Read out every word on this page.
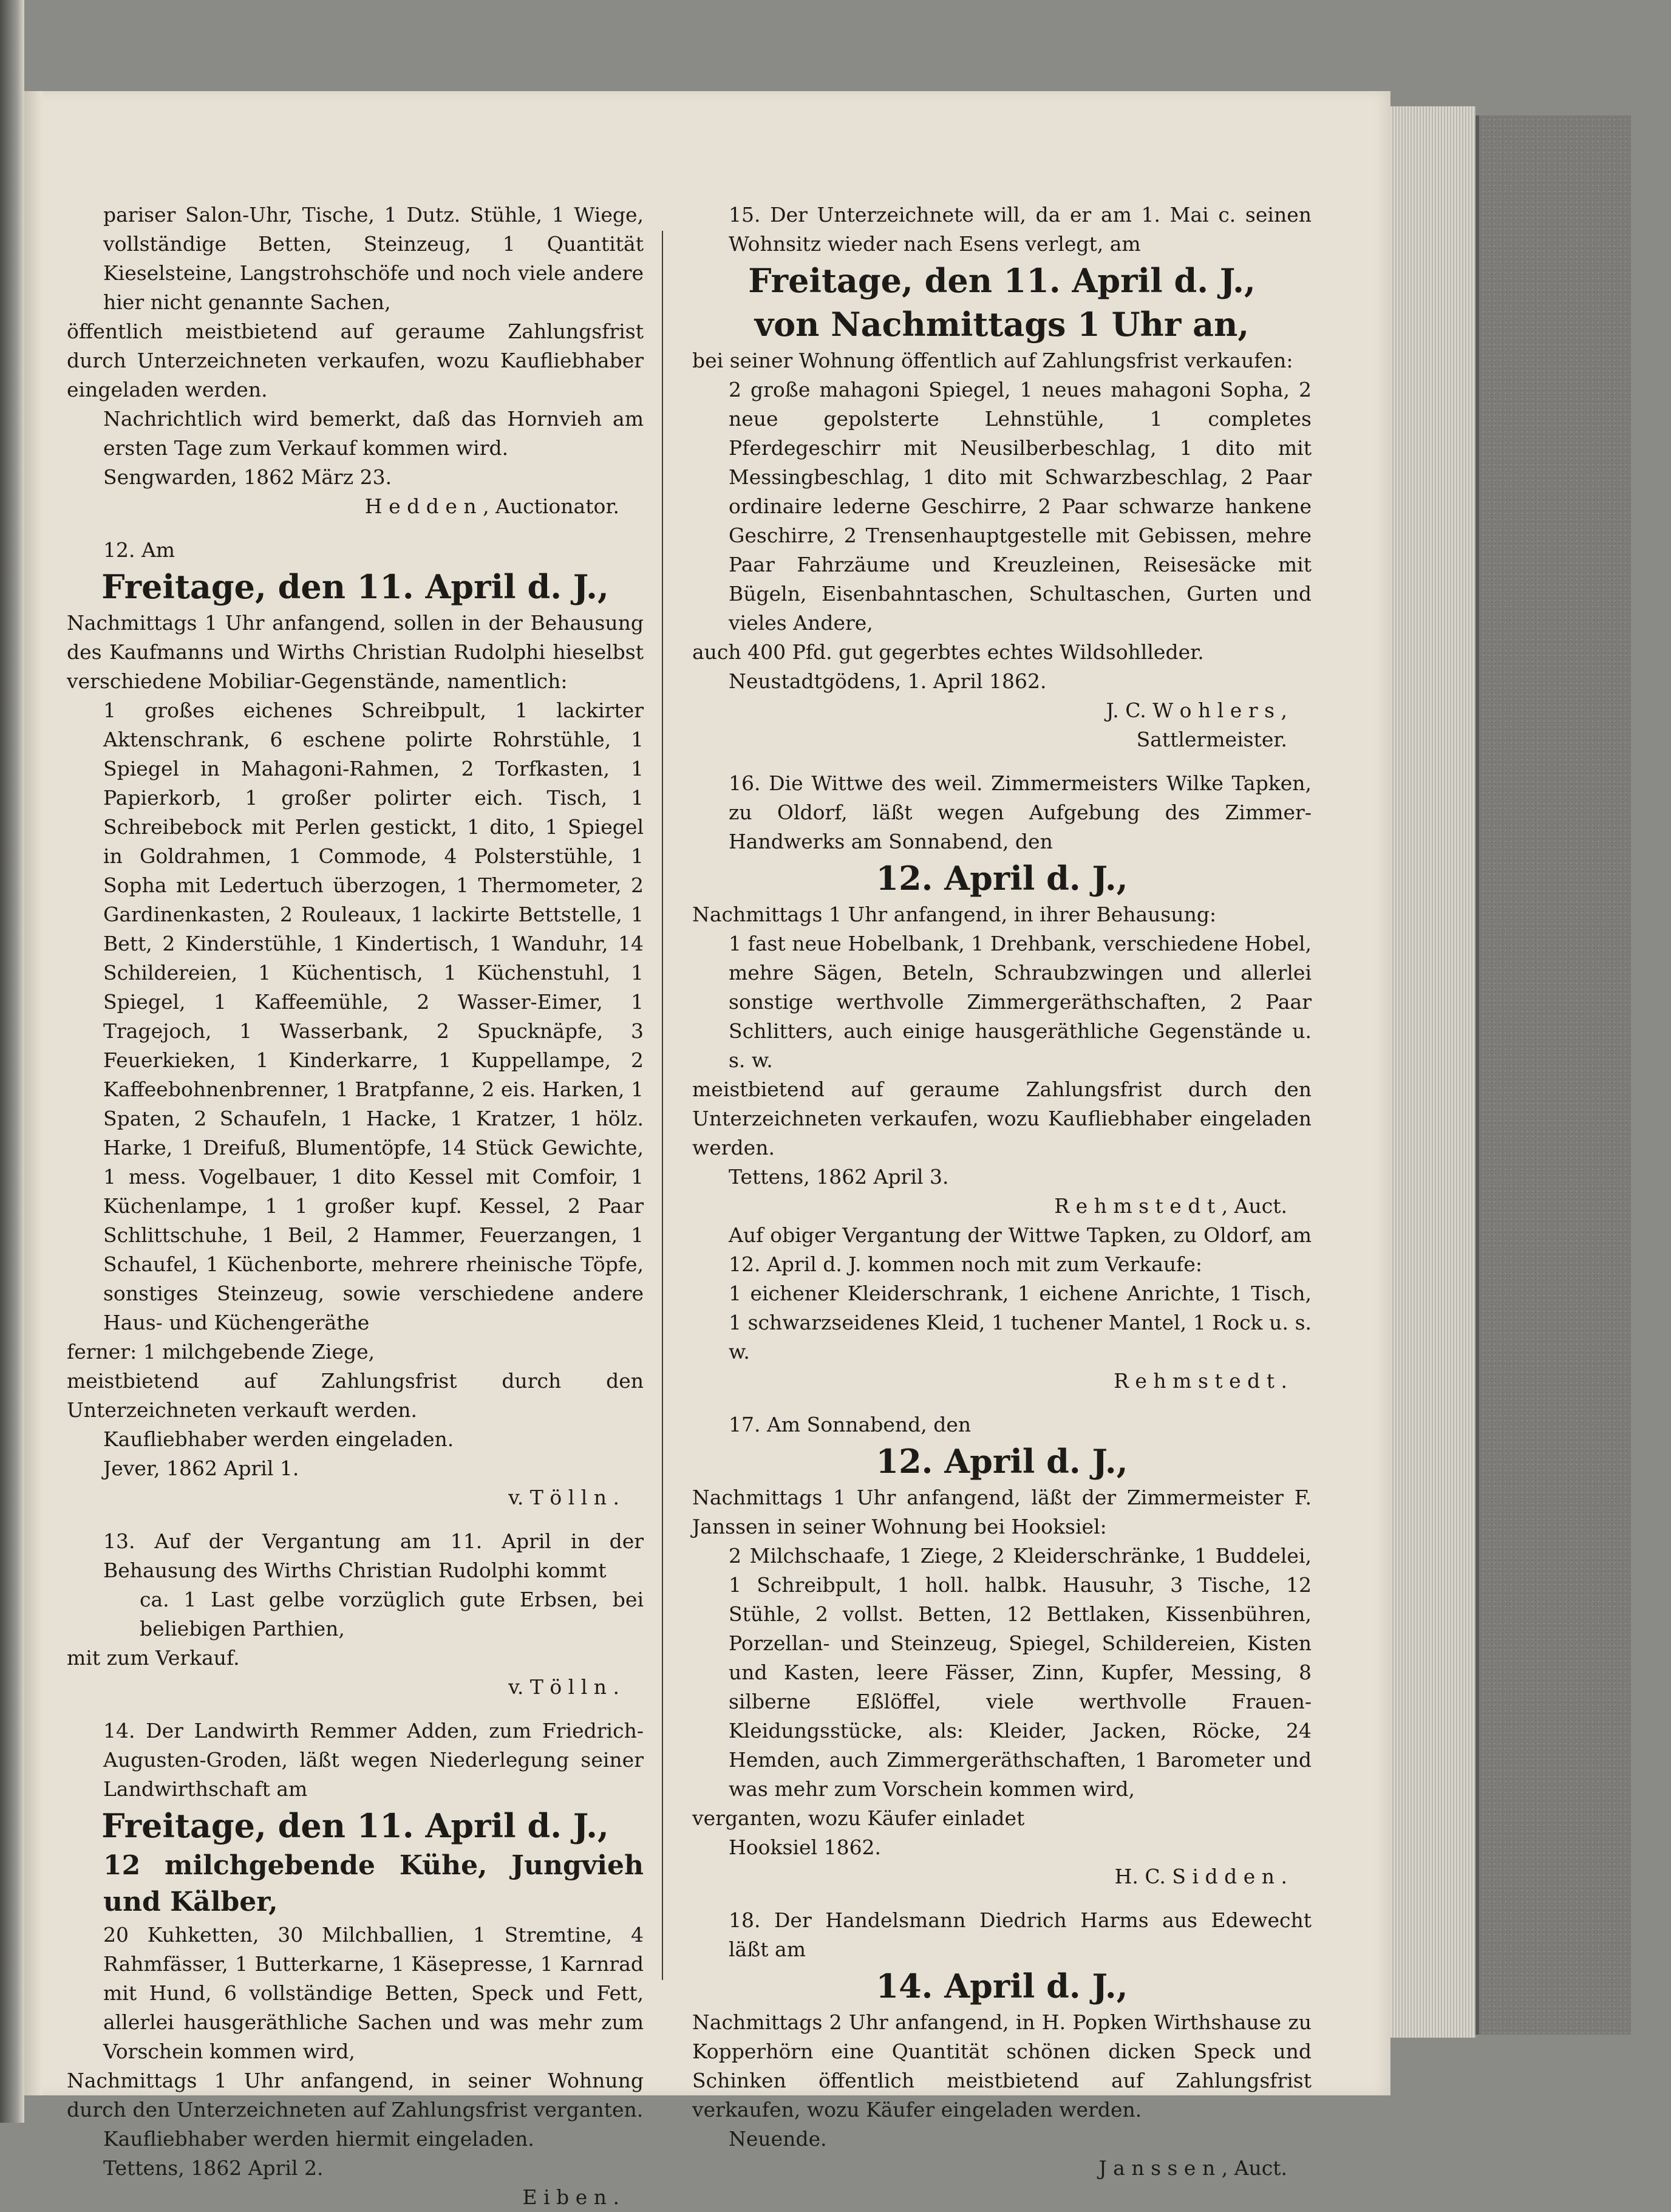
pariser Salon-Uhr, Tische, 1 Dutz. Stühle, 1 Wiege, vollständige Betten, Steinzeug, 1 Quantität Kieselsteine, Langstrohschöfe und noch viele andere hier nicht genannte Sachen,

öffentlich meistbietend auf geraume Zahlungsfrist durch Unterzeichneten verkaufen, wozu Kaufliebhaber eingeladen werden.

Nachrichtlich wird bemerkt, daß das Hornvieh am ersten Tage zum Verkauf kommen wird.

Sengwarden, 1862 März 23.

H e d d e n , Auctionator.

12. Am

Freitage, den 11. April d. J.,

Nachmittags 1 Uhr anfangend, sollen in der Behausung des Kaufmanns und Wirths Christian Rudolphi hieselbst verschiedene Mobiliar-Gegenstände, namentlich:

1 großes eichenes Schreibpult, 1 lackirter Aktenschrank, 6 eschene polirte Rohrstühle, 1 Spiegel in Mahagoni-Rahmen, 2 Torfkasten, 1 Papierkorb, 1 großer polirter eich. Tisch, 1 Schreibebock mit Perlen gestickt, 1 dito, 1 Spiegel in Goldrahmen, 1 Commode, 4 Polsterstühle, 1 Sopha mit Ledertuch überzogen, 1 Thermometer, 2 Gardinenkasten, 2 Rouleaux, 1 lackirte Bettstelle, 1 Bett, 2 Kinderstühle, 1 Kindertisch, 1 Wanduhr, 14 Schildereien, 1 Küchentisch, 1 Küchenstuhl, 1 Spiegel, 1 Kaffeemühle, 2 Wasser-Eimer, 1 Tragejoch, 1 Wasserbank, 2 Spucknäpfe, 3 Feuerkieken, 1 Kinderkarre, 1 Kuppellampe, 2 Kaffeebohnenbrenner, 1 Bratpfanne, 2 eis. Harken, 1 Spaten, 2 Schaufeln, 1 Hacke, 1 Kratzer, 1 hölz. Harke, 1 Dreifuß, Blumentöpfe, 14 Stück Gewichte, 1 mess. Vogelbauer, 1 dito Kessel mit Comfoir, 1 Küchenlampe, 1 1 großer kupf. Kessel, 2 Paar Schlittschuhe, 1 Beil, 2 Hammer, Feuerzangen, 1 Schaufel, 1 Küchenborte, mehrere rheinische Töpfe, sonstiges Steinzeug, sowie verschiedene andere Haus- und Küchengeräthe

ferner: 1 milchgebende Ziege,

meistbietend auf Zahlungsfrist durch den Unterzeichneten verkauft werden.

Kaufliebhaber werden eingeladen.

Jever, 1862 April 1.

v. T ö l l n .

13. Auf der Vergantung am 11. April in der Behausung des Wirths Christian Rudolphi kommt

ca. 1 Last gelbe vorzüglich gute Erbsen, bei beliebigen Parthien,

mit zum Verkauf.

v. T ö l l n .

14. Der Landwirth Remmer Adden, zum Friedrich-Augusten-Groden, läßt wegen Niederlegung seiner Landwirthschaft am

Freitage, den 11. April d. J.,

12 milchgebende Kühe, Jungvieh und Kälber,

20 Kuhketten, 30 Milchballien, 1 Stremtine, 4 Rahmfässer, 1 Butterkarne, 1 Käsepresse, 1 Karnrad mit Hund, 6 vollständige Betten, Speck und Fett, allerlei hausgeräthliche Sachen und was mehr zum Vorschein kommen wird,

Nachmittags 1 Uhr anfangend, in seiner Wohnung durch den Unterzeichneten auf Zahlungsfrist verganten.

Kaufliebhaber werden hiermit eingeladen.

Tettens, 1862 April 2.

E i b e n .

15. Der Unterzeichnete will, da er am 1. Mai c. seinen Wohnsitz wieder nach Esens verlegt, am

Freitage, den 11. April d. J.,

von Nachmittags 1 Uhr an,

bei seiner Wohnung öffentlich auf Zahlungsfrist verkaufen:

2 große mahagoni Spiegel, 1 neues mahagoni Sopha, 2 neue gepolsterte Lehnstühle, 1 completes Pferdegeschirr mit Neusilberbeschlag, 1 dito mit Messingbeschlag, 1 dito mit Schwarzbeschlag, 2 Paar ordinaire lederne Geschirre, 2 Paar schwarze hankene Geschirre, 2 Trensenhauptgestelle mit Gebissen, mehre Paar Fahrzäume und Kreuzleinen, Reisesäcke mit Bügeln, Eisenbahntaschen, Schultaschen, Gurten und vieles Andere,

auch 400 Pfd. gut gegerbtes echtes Wildsohlleder.

Neustadtgödens, 1. April 1862.

J. C. W o h l e r s ,

Sattlermeister.

16. Die Wittwe des weil. Zimmermeisters Wilke Tapken, zu Oldorf, läßt wegen Aufgebung des Zimmer-Handwerks am Sonnabend, den

12. April d. J.,

Nachmittags 1 Uhr anfangend, in ihrer Behausung:

1 fast neue Hobelbank, 1 Drehbank, verschiedene Hobel, mehre Sägen, Beteln, Schraubzwingen und allerlei sonstige werthvolle Zimmergeräthschaften, 2 Paar Schlitters, auch einige hausgeräthliche Gegenstände u. s. w.

meistbietend auf geraume Zahlungsfrist durch den Unterzeichneten verkaufen, wozu Kaufliebhaber eingeladen werden.

Tettens, 1862 April 3.

R e h m s t e d t , Auct.

Auf obiger Vergantung der Wittwe Tapken, zu Oldorf, am 12. April d. J. kommen noch mit zum Verkaufe:

1 eichener Kleiderschrank, 1 eichene Anrichte, 1 Tisch, 1 schwarzseidenes Kleid, 1 tuchener Mantel, 1 Rock u. s. w.

R e h m s t e d t .

17. Am Sonnabend, den

12. April d. J.,

Nachmittags 1 Uhr anfangend, läßt der Zimmermeister F. Janssen in seiner Wohnung bei Hooksiel:

2 Milchschaafe, 1 Ziege, 2 Kleiderschränke, 1 Buddelei, 1 Schreibpult, 1 holl. halbk. Hausuhr, 3 Tische, 12 Stühle, 2 vollst. Betten, 12 Bettlaken, Kissenbühren, Porzellan- und Steinzeug, Spiegel, Schildereien, Kisten und Kasten, leere Fässer, Zinn, Kupfer, Messing, 8 silberne Eßlöffel, viele werthvolle Frauen-Kleidungsstücke, als: Kleider, Jacken, Röcke, 24 Hemden, auch Zimmergeräthschaften, 1 Barometer und was mehr zum Vorschein kommen wird,

verganten, wozu Käufer einladet

Hooksiel 1862.

H. C. S i d d e n .

18. Der Handelsmann Diedrich Harms aus Edewecht läßt am

14. April d. J.,

Nachmittags 2 Uhr anfangend, in H. Popken Wirthshause zu Kopperhörn eine Quantität schönen dicken Speck und Schinken öffentlich meistbietend auf Zahlungsfrist verkaufen, wozu Käufer eingeladen werden.

Neuende.

J a n s s e n , Auct.
